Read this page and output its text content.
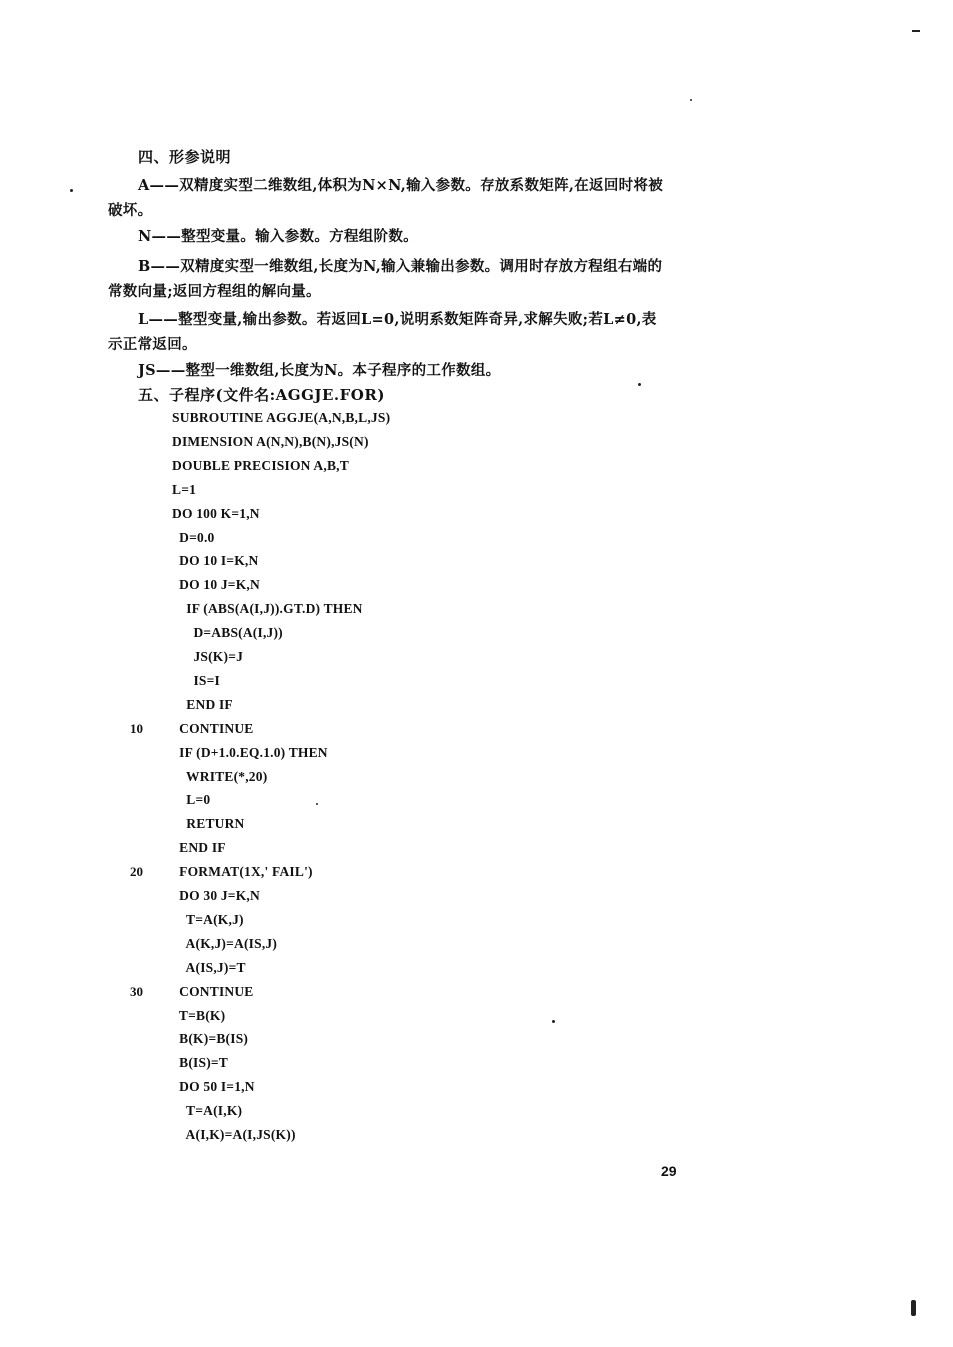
四、形参说明
A——双精度实型二维数组,体积为N×N,输入参数。存放系数矩阵,在返回时将被
破坏。
N——整型变量。输入参数。方程组阶数。
B——双精度实型一维数组,长度为N,输入兼输出参数。调用时存放方程组右端的
常数向量;返回方程组的解向量。
L——整型变量,输出参数。若返回L=0,说明系数矩阵奇异,求解失败;若L≠0,表
示正常返回。
JS——整型一维数组,长度为N。本子程序的工作数组。
五、子程序(文件名:AGGJE.FOR)
SUBROUTINE AGGJE(A,N,B,L,JS)
DIMENSION A(N,N),B(N),JS(N)
DOUBLE PRECISION A,B,T
L=1
DO 100 K=1,N
D=0.0
DO 10 I=K,N
DO 10 J=K,N
IF (ABS(A(I,J)).GT.D) THEN
D=ABS(A(I,J))
JS(K)=J
IS=I
END IF
CONTINUE
10
IF (D+1.0.EQ.1.0) THEN
WRITE(*,20)
L=0
RETURN
END IF
FORMAT(1X,' FAIL')
20
DO 30 J=K,N
T=A(K,J)
A(K,J)=A(IS,J)
A(IS,J)=T
CONTINUE
30
T=B(K)
B(K)=B(IS)
B(IS)=T
DO 50 I=1,N
T=A(I,K)
A(I,K)=A(I,JS(K))
29
